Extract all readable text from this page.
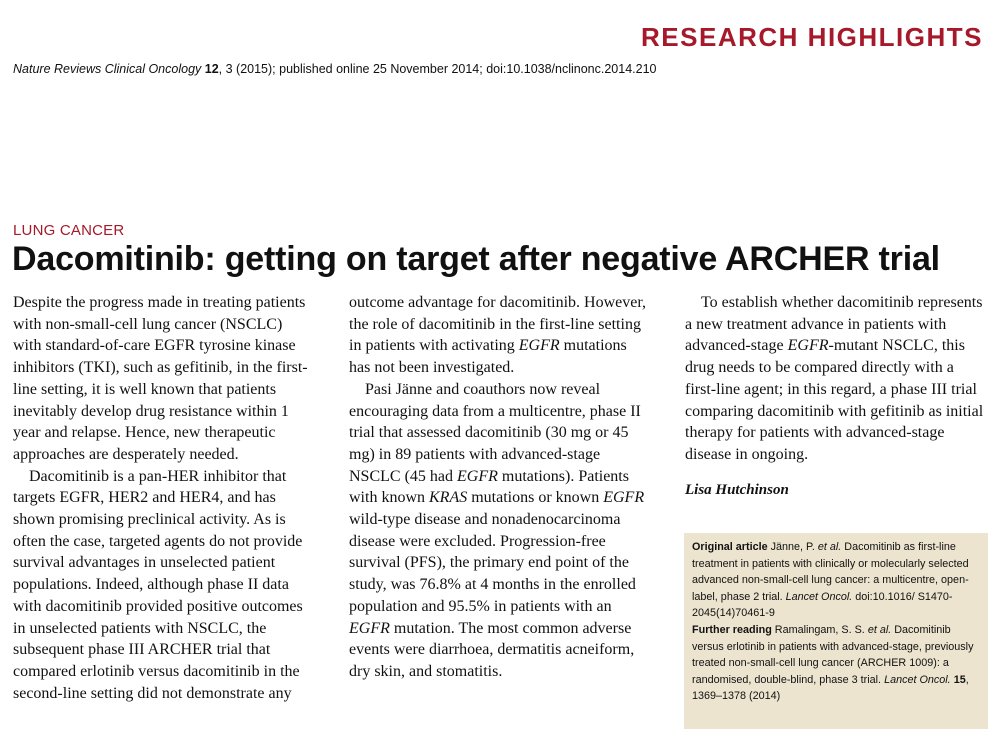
RESEARCH HIGHLIGHTS
Nature Reviews Clinical Oncology 12, 3 (2015); published online 25 November 2014; doi:10.1038/nclinonc.2014.210
LUNG CANCER
Dacomitinib: getting on target after negative ARCHER trial

Despite the progress made in treating patients with non-small-cell lung cancer (NSCLC) with standard-of-care EGFR tyrosine kinase inhibitors (TKI), such as gefitinib, in the first-line setting, it is well known that patients inevitably develop drug resistance within 1 year and relapse. Hence, new therapeutic approaches are desperately needed.

Dacomitinib is a pan-HER inhibitor that targets EGFR, HER2 and HER4, and has shown promising preclinical activity. As is often the case, targeted agents do not provide survival advantages in unselected patient populations. Indeed, although phase II data with dacomitinib provided positive outcomes in unselected patients with NSCLC, the subsequent phase III ARCHER trial that compared erlotinib versus dacomitinib in the second-line setting did not demonstrate any

To establish whether dacomitinib represents a new treatment advance in patients with advanced-stage EGFR-mutant NSCLC, this drug needs to be compared directly with a first-line agent; in this regard, a phase III trial comparing dacomitinib with gefitinib as initial therapy for patients with advanced-stage disease in ongoing.

Lisa Hutchinson

Original article Jänne, P. et al. Dacomitinib as first-line treatment in patients with clinically or molecularly selected advanced non-small-cell lung cancer: a multicentre, open-label, phase 2 trial. Lancet Oncol. doi:10.1016/ S1470-2045(14)70461-9

Further reading Ramalingam, S. S. et al. Dacomitinib versus erlotinib in patients with advanced-stage, previously treated non-small-cell lung cancer (ARCHER 1009): a randomised, double-blind, phase 3 trial. Lancet Oncol. 15, 1369–1378 (2014)

outcome advantage for dacomitinib. However, the role of dacomitinib in the first-line setting in patients with activating EGFR mutations has not been investigated.

Pasi Jänne and coauthors now reveal encouraging data from a multicentre, phase II trial that assessed dacomitinib (30 mg or 45 mg) in 89 patients with advanced-stage NSCLC (45 had EGFR mutations). Patients with known KRAS mutations or known EGFR wild-type disease and nonadenocarcinoma disease were excluded. Progression-free survival (PFS), the primary end point of the study, was 76.8% at 4 months in the enrolled population and 95.5% in patients with an EGFR mutation. The most common adverse events were diarrhoea, dermatitis acneiform, dry skin, and stomatitis.
